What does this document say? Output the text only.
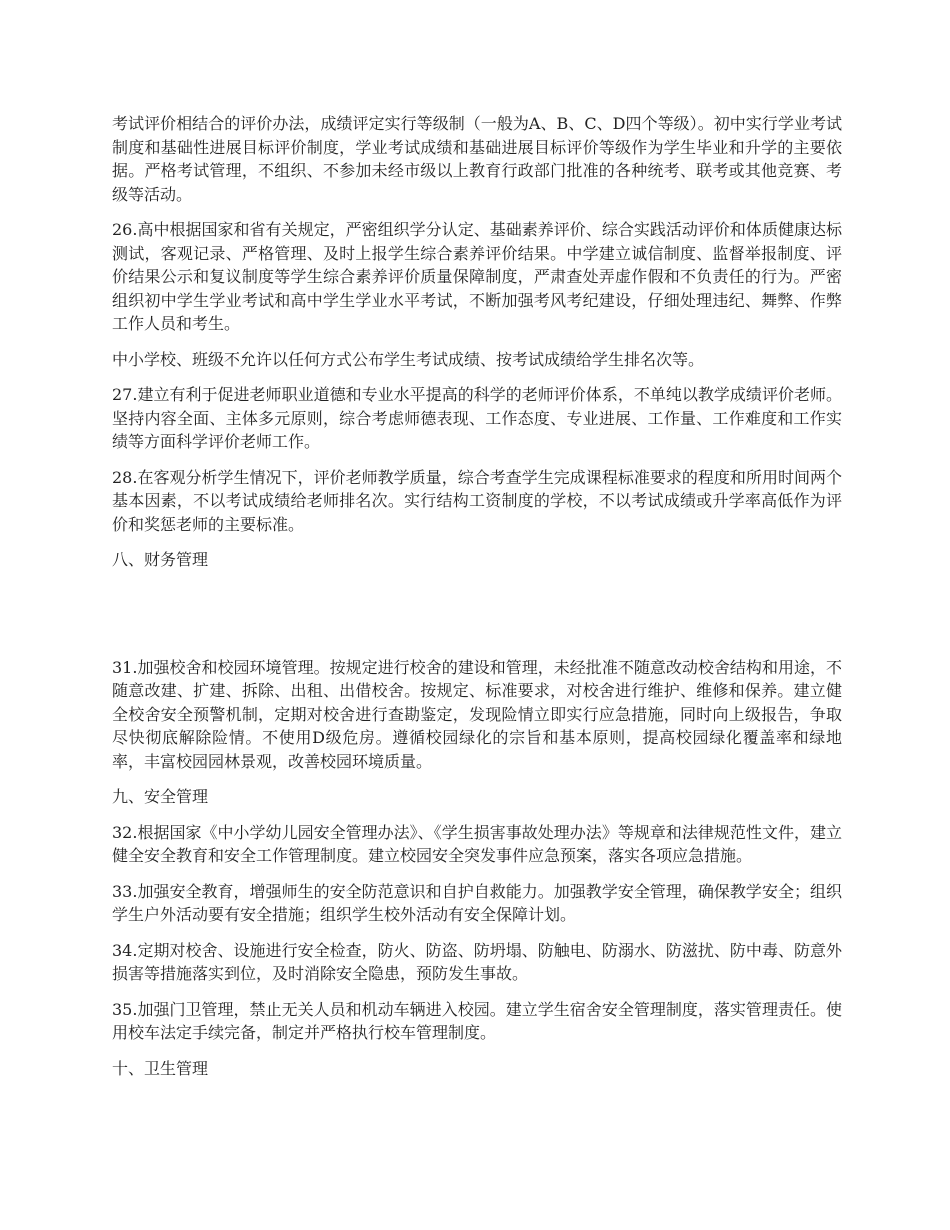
考试评价相结合的评价办法，成绩评定实行等级制（一般为A、B、C、D四个等级）。初中实行学业考试制度和基础性进展目标评价制度，学业考试成绩和基础进展目标评价等级作为学生毕业和升学的主要依据。严格考试管理，不组织、不参加未经市级以上教育行政部门批准的各种统考、联考或其他竞赛、考级等活动。

26.高中根据国家和省有关规定，严密组织学分认定、基础素养评价、综合实践活动评价和体质健康达标测试，客观记录、严格管理、及时上报学生综合素养评价结果。中学建立诚信制度、监督举报制度、评价结果公示和复议制度等学生综合素养评价质量保障制度，严肃查处弄虚作假和不负责任的行为。严密组织初中学生学业考试和高中学生学业水平考试，不断加强考风考纪建设，仔细处理违纪、舞弊、作弊工作人员和考生。

中小学校、班级不允许以任何方式公布学生考试成绩、按考试成绩给学生排名次等。

27.建立有利于促进老师职业道德和专业水平提高的科学的老师评价体系，不单纯以教学成绩评价老师。坚持内容全面、主体多元原则，综合考虑师德表现、工作态度、专业进展、工作量、工作难度和工作实绩等方面科学评价老师工作。

28.在客观分析学生情况下，评价老师教学质量，综合考查学生完成课程标准要求的程度和所用时间两个基本因素，不以考试成绩给老师排名次。实行结构工资制度的学校，不以考试成绩或升学率高低作为评价和奖惩老师的主要标准。

八、财务管理

31.加强校舍和校园环境管理。按规定进行校舍的建设和管理，未经批准不随意改动校舍结构和用途，不随意改建、扩建、拆除、出租、出借校舍。按规定、标准要求，对校舍进行维护、维修和保养。建立健全校舍安全预警机制，定期对校舍进行查勘鉴定，发现险情立即实行应急措施，同时向上级报告，争取尽快彻底解除险情。不使用D级危房。遵循校园绿化的宗旨和基本原则，提高校园绿化覆盖率和绿地率，丰富校园园林景观，改善校园环境质量。

九、安全管理

32.根据国家《中小学幼儿园安全管理办法》、《学生损害事故处理办法》等规章和法律规范性文件，建立健全安全教育和安全工作管理制度。建立校园安全突发事件应急预案，落实各项应急措施。

33.加强安全教育，增强师生的安全防范意识和自护自救能力。加强教学安全管理，确保教学安全；组织学生户外活动要有安全措施；组织学生校外活动有安全保障计划。

34.定期对校舍、设施进行安全检查，防火、防盗、防坍塌、防触电、防溺水、防滋扰、防中毒、防意外损害等措施落实到位，及时消除安全隐患，预防发生事故。

35.加强门卫管理，禁止无关人员和机动车辆进入校园。建立学生宿舍安全管理制度，落实管理责任。使用校车法定手续完备，制定并严格执行校车管理制度。

十、卫生管理
